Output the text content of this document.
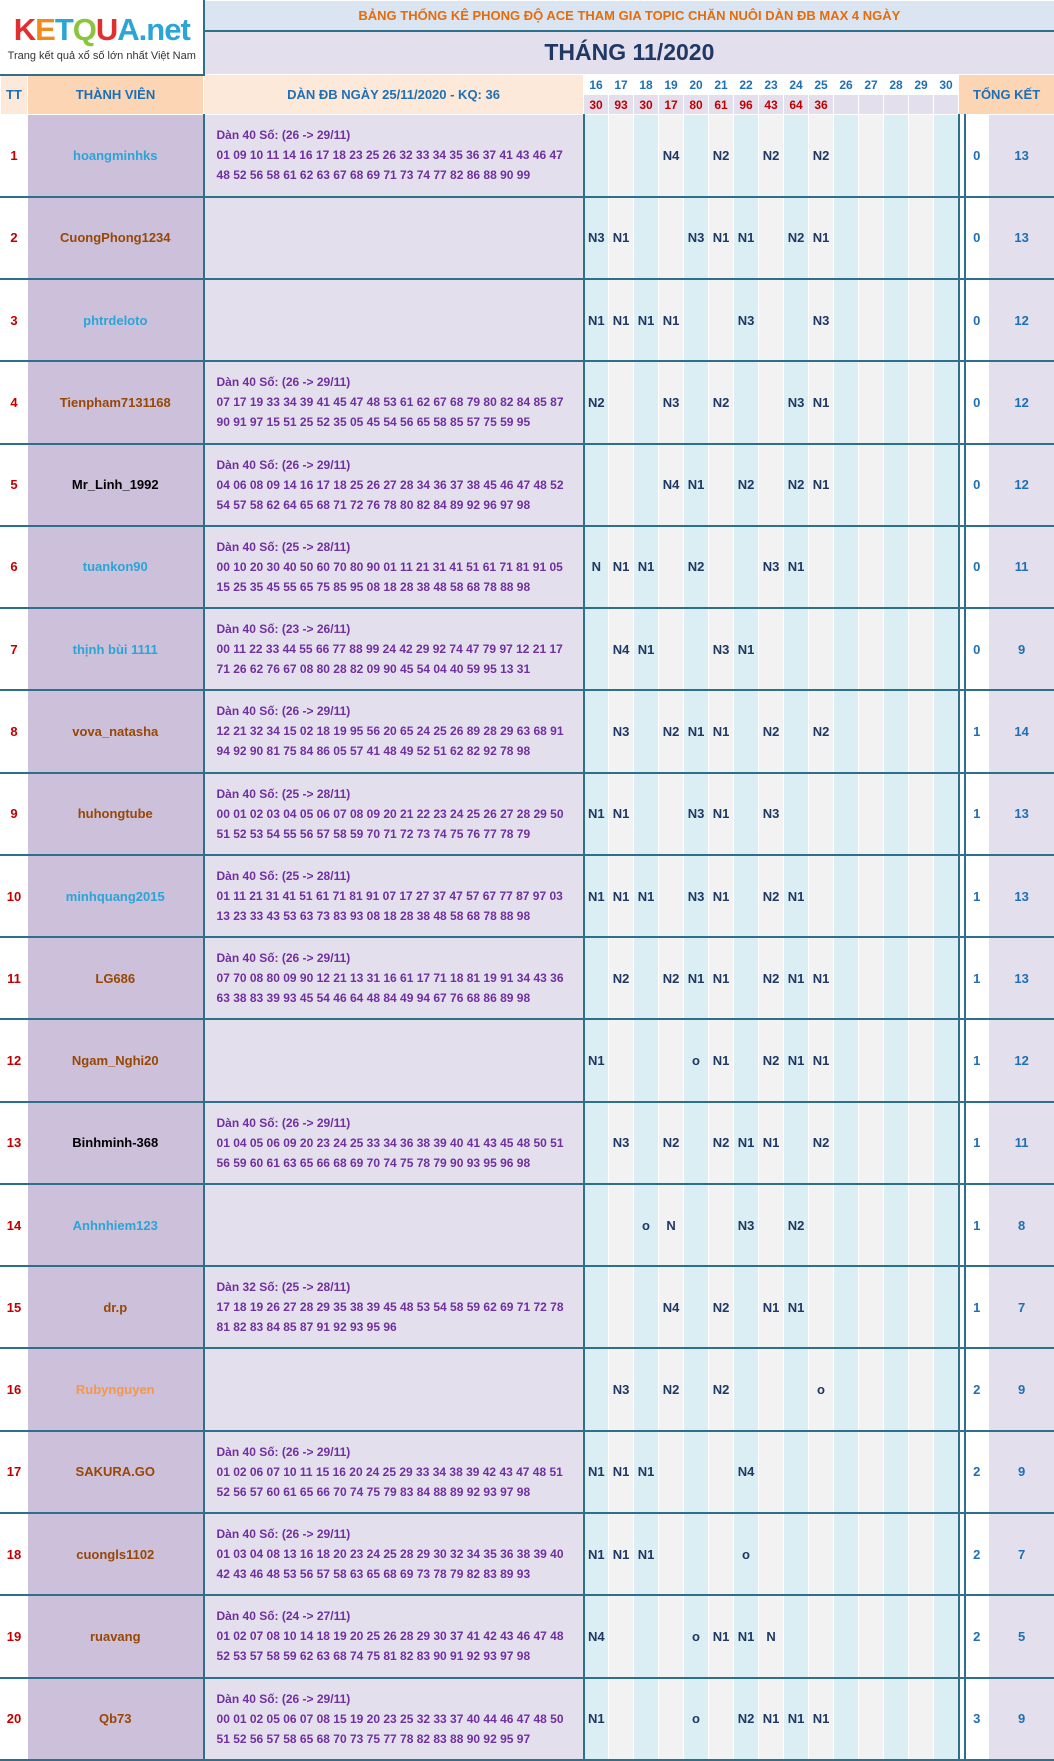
KETQUA.net
Trang kết quả xổ số lớn nhất Việt Nam		BẢNG THỐNG KÊ PHONG ĐỘ ACE THAM GIA TOPIC CHĂN NUÔI DÀN ĐB MAX 4 NGÀY																		
		THÁNG 11/2020																		
TT	THÀNH VIÊN	DÀN ĐB NGÀY 25/11/2020 - KQ: 36	16	17	18	19	20	21	22	23	24	25	26	27	28	29	30	TỔNG KẾT		
			30	93	30	17	80	61	96	43	64	36								
1	hoangminhks	Dàn 40 Số: (26 -> 29/11)
01 09 10 11 14 16 17 18 23 25 26 32 33 34 35 36 37 41 43 46 47
48 52 56 58 61 62 63 67 68 69 71 73 74 77 82 86 88 90 99				N4		N2		N2		N2							0	13
2	CuongPhong1234		N3	N1			N3	N1	N1		N2	N1							0	13
3	phtrdeloto		N1	N1	N1	N1			N3			N3							0	12
4	Tienpham7131168	Dàn 40 Số: (26 -> 29/11)
07 17 19 33 34 39 41 45 47 48 53 61 62 67 68 79 80 82 84 85 87
90 91 97 15 51 25 52 35 05 45 54 56 65 58 85 57 75 59 95	N2			N3		N2			N3	N1							0	12
5	Mr_Linh_1992	Dàn 40 Số: (26 -> 29/11)
04 06 08 09 14 16 17 18 25 26 27 28 34 36 37 38 45 46 47 48 52
54 57 58 62 64 65 68 71 72 76 78 80 82 84 89 92 96 97 98				N4	N1		N2		N2	N1							0	12
6	tuankon90	Dàn 40 Số: (25 -> 28/11)
00 10 20 30 40 50 60 70 80 90 01 11 21 31 41 51 61 71 81 91 05
15 25 35 45 55 65 75 85 95 08 18 28 38 48 58 68 78 88 98	N	N1	N1		N2			N3	N1								0	11
7	thịnh bùi 1111	Dàn 40 Số: (23 -> 26/11)
00 11 22 33 44 55 66 77 88 99 24 42 29 92 74 47 79 97 12 21 17
71 26 62 76 67 08 80 28 82 09 90 45 54 04 40 59 95 13 31		N4	N1			N3	N1										0	9
8	vova_natasha	Dàn 40 Số: (26 -> 29/11)
12 21 32 34 15 02 18 19 95 56 20 65 24 25 26 89 28 29 63 68 91
94 92 90 81 75 84 86 05 57 41 48 49 52 51 62 82 92 78 98		N3		N2	N1	N1		N2		N2							1	14
9	huhongtube	Dàn 40 Số: (25 -> 28/11)
00 01 02 03 04 05 06 07 08 09 20 21 22 23 24 25 26 27 28 29 50
51 52 53 54 55 56 57 58 59 70 71 72 73 74 75 76 77 78 79	N1	N1			N3	N1		N3									1	13
10	minhquang2015	Dàn 40 Số: (25 -> 28/11)
01 11 21 31 41 51 61 71 81 91 07 17 27 37 47 57 67 77 87 97 03
13 23 33 43 53 63 73 83 93 08 18 28 38 48 58 68 78 88 98	N1	N1	N1		N3	N1		N2	N1								1	13
11	LG686	Dàn 40 Số: (26 -> 29/11)
07 70 08 80 09 90 12 21 13 31 16 61 17 71 18 81 19 91 34 43 36
63 38 83 39 93 45 54 46 64 48 84 49 94 67 76 68 86 89 98		N2		N2	N1	N1		N2	N1	N1							1	13
12	Ngam_Nghi20		N1				o	N1		N2	N1	N1							1	12
13	Binhminh-368	Dàn 40 Số: (26 -> 29/11)
01 04 05 06 09 20 23 24 25 33 34 36 38 39 40 41 43 45 48 50 51
56 59 60 61 63 65 66 68 69 70 74 75 78 79 90 93 95 96 98		N3		N2		N2	N1	N1		N2							1	11
14	Anhnhiem123				o	N			N3		N2								1	8
15	dr.p	Dàn 32 Số: (25 -> 28/11)
17 18 19 26 27 28 29 35 38 39 45 48 53 54 58 59 62 69 71 72 78
81 82 83 84 85 87 91 92 93 95 96				N4		N2		N1	N1								1	7
16	Rubynguyen			N3		N2		N2				o							2	9
17	SAKURA.GO	Dàn 40 Số: (26 -> 29/11)
01 02 06 07 10 11 15 16 20 24 25 29 33 34 38 39 42 43 47 48 51
52 56 57 60 61 65 66 70 74 75 79 83 84 88 89 92 93 97 98	N1	N1	N1				N4										2	9
18	cuongls1102	Dàn 40 Số: (26 -> 29/11)
01 03 04 08 13 16 18 20 23 24 25 28 29 30 32 34 35 36 38 39 40
42 43 46 48 53 56 57 58 63 65 68 69 73 78 79 82 83 89 93	N1	N1	N1				o										2	7
19	ruavang	Dàn 40 Số: (24 -> 27/11)
01 02 07 08 10 14 18 19 20 25 26 28 29 30 37 41 42 43 46 47 48
52 53 57 58 59 62 63 68 74 75 81 82 83 90 91 92 93 97 98	N4				o	N1	N1	N									2	5
20	Qb73	Dàn 40 Số: (26 -> 29/11)
00 01 02 05 06 07 08 15 19 20 23 25 32 33 37 40 44 46 47 48 50
51 52 56 57 58 65 68 70 73 75 77 78 82 83 88 90 92 95 97	N1				o		N2	N1	N1	N1							3	9
